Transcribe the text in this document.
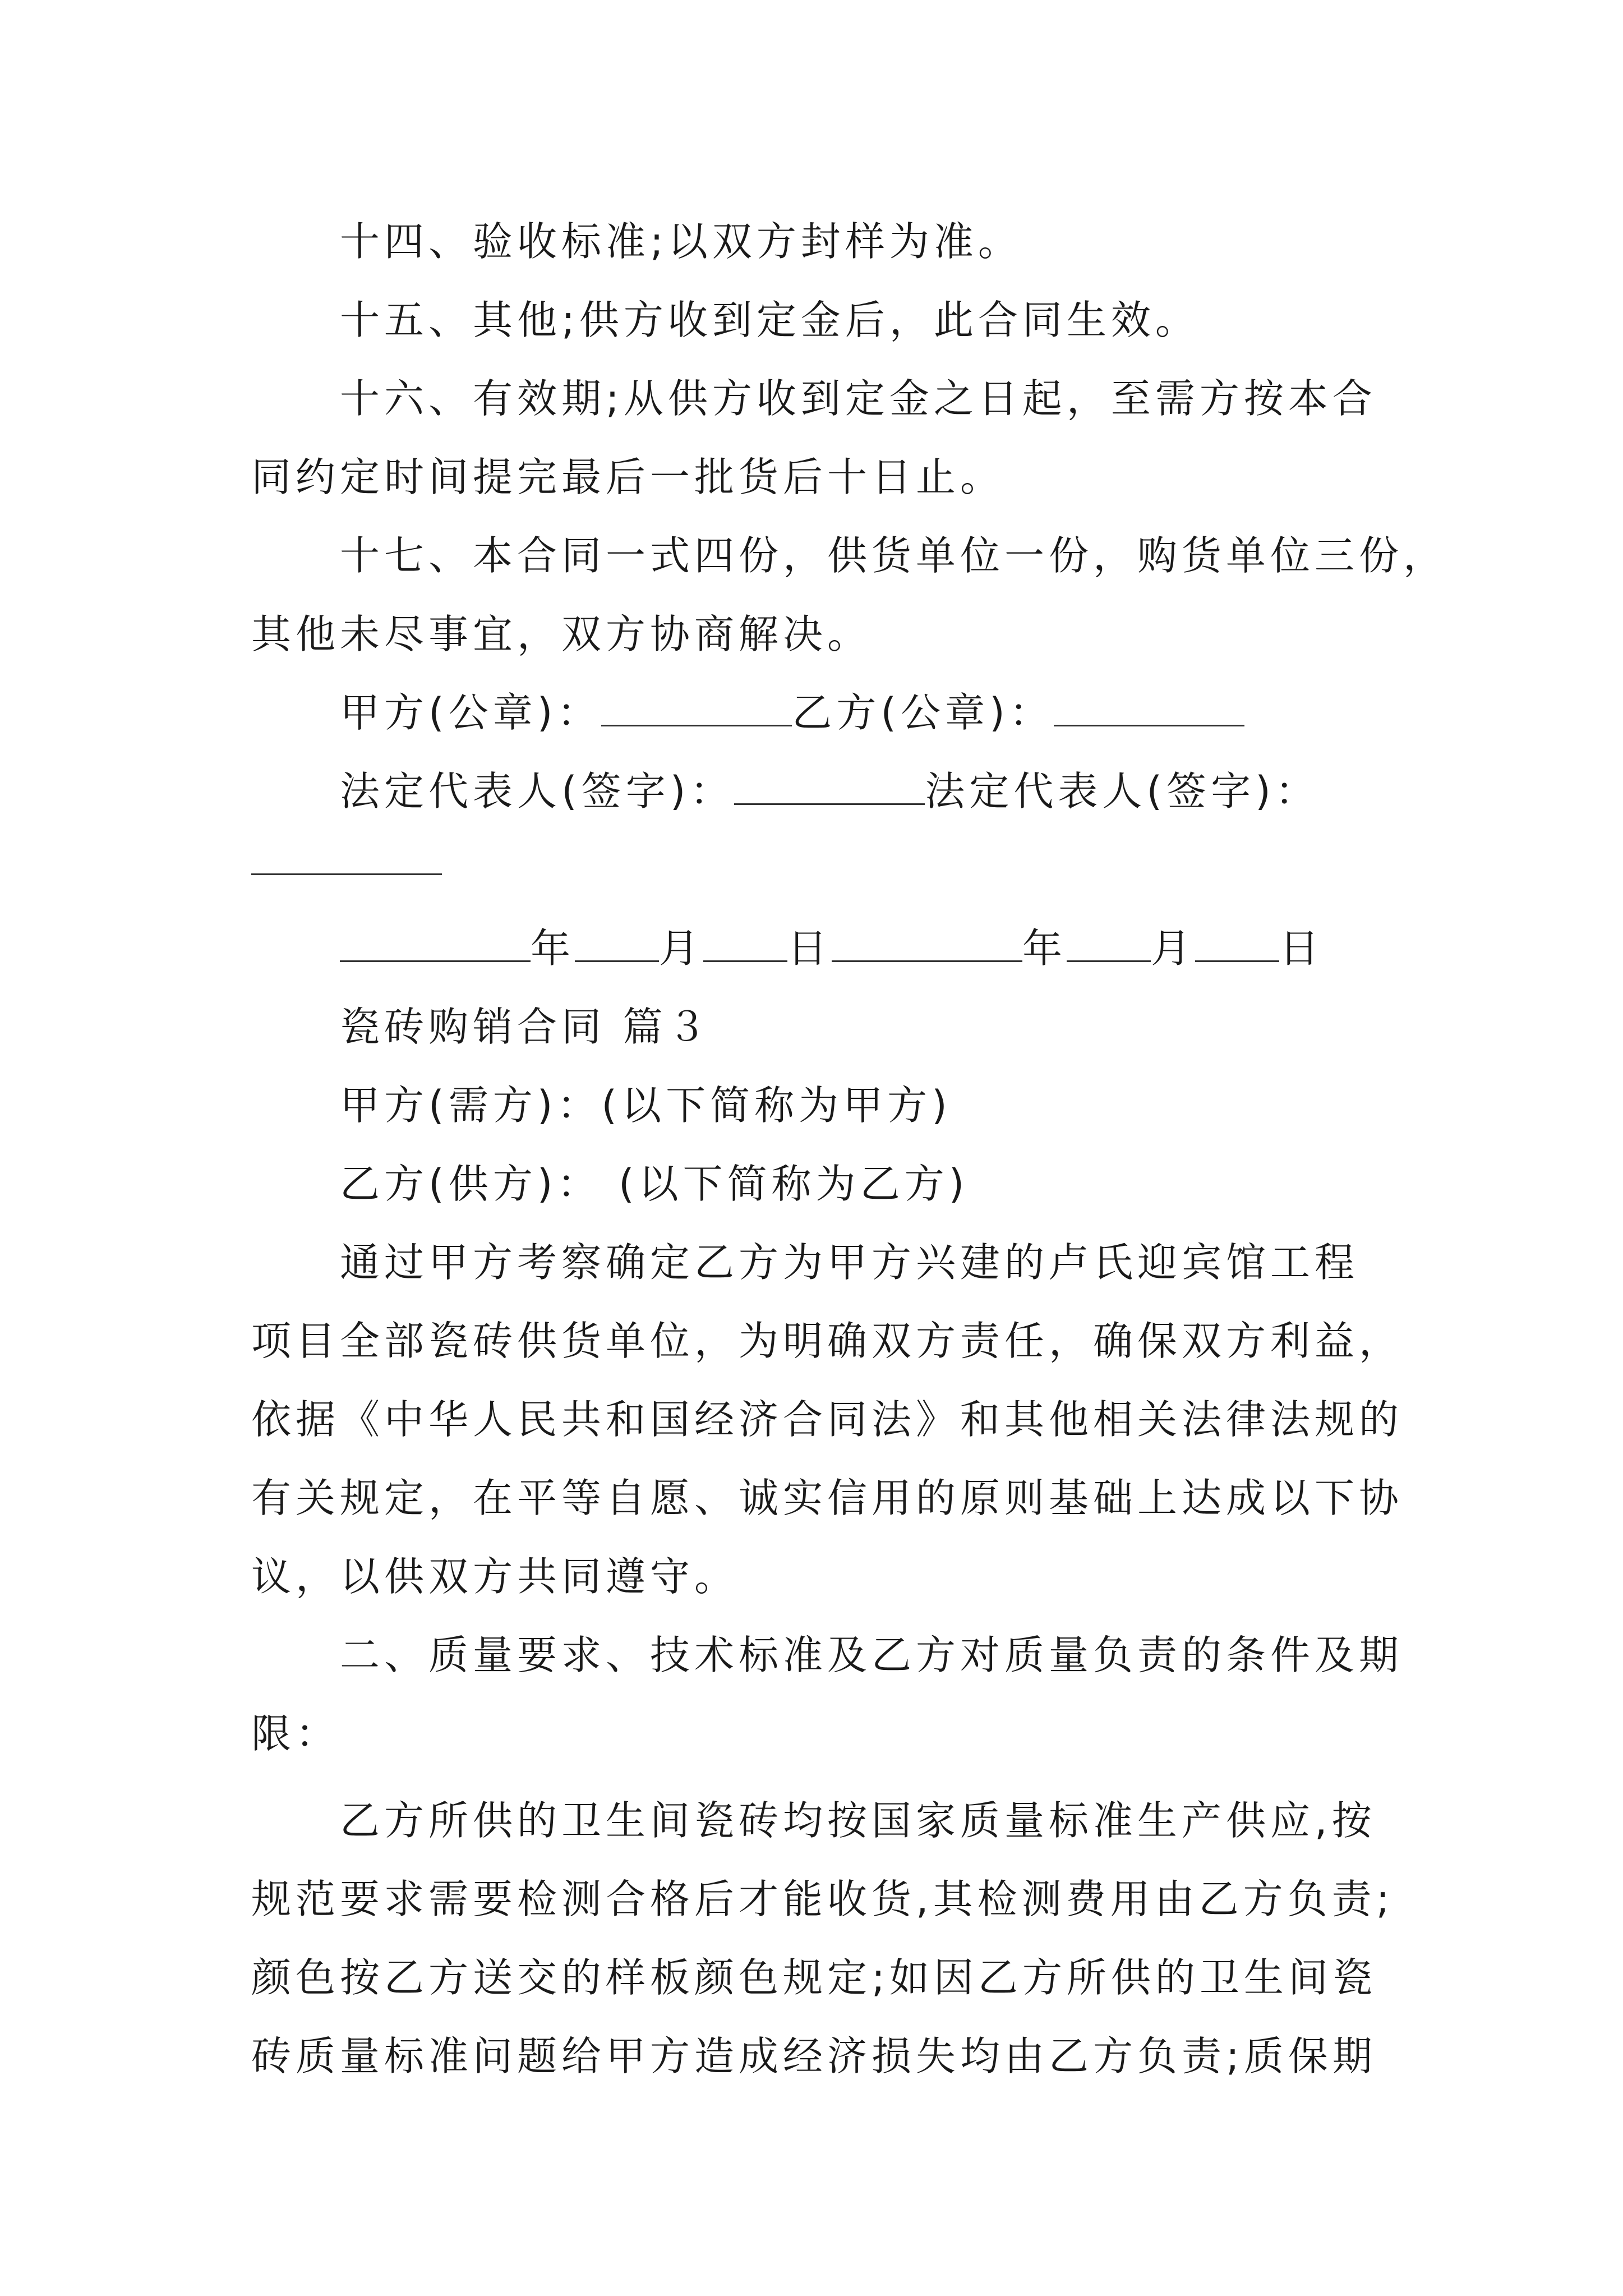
十四、验收标准;以双方封样为准。
十五、其他;供方收到定金后，此合同生效。
十六、有效期;从供方收到定金之日起，至需方按本合
同约定时间提完最后一批货后十日止。
十七、本合同一式四份，供货单位一份，购货单位三份，
其他未尽事宜，双方协商解决。
甲方(公章)：	乙方(公章)：
法定代表人(签字)：	法定代表人(签字)：
年 月 日	年 月 日
瓷砖购销合同 篇３
甲方(需方)：(以下简称为甲方)
乙方(供方)： (以下简称为乙方)
通过甲方考察确定乙方为甲方兴建的卢氏迎宾馆工程
项目全部瓷砖供货单位，为明确双方责任，确保双方利益，
依据《中华人民共和国经济合同法》和其他相关法律法规的
有关规定，在平等自愿、诚实信用的原则基础上达成以下协
议，以供双方共同遵守。
二、质量要求、技术标准及乙方对质量负责的条件及期
限：
乙方所供的卫生间瓷砖均按国家质量标准生产供应,按
规范要求需要检测合格后才能收货,其检测费用由乙方负责;
颜色按乙方送交的样板颜色规定;如因乙方所供的卫生间瓷
砖质量标准问题给甲方造成经济损失均由乙方负责;质保期
